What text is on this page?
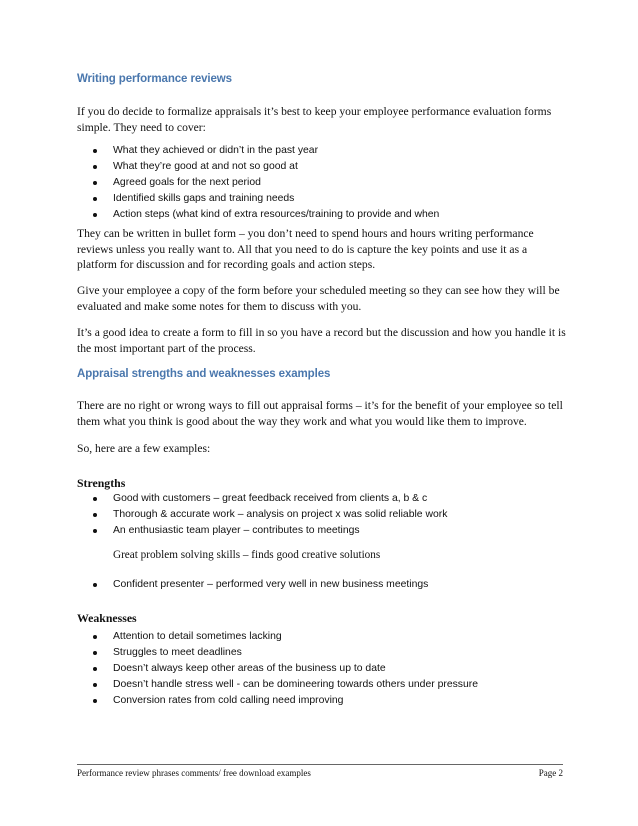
Writing performance reviews

If you do decide to formalize appraisals it’s best to keep your employee performance evaluation forms simple. They need to cover:

What they achieved or didn’t in the past year
What they’re good at and not so good at
Agreed goals for the next period
Identified skills gaps and training needs
Action steps (what kind of extra resources/training to provide and when

They can be written in bullet form – you don’t need to spend hours and hours writing performance reviews unless you really want to. All that you need to do is capture the key points and use it as a platform for discussion and for recording goals and action steps.

Give your employee a copy of the form before your scheduled meeting so they can see how they will be evaluated and make some notes for them to discuss with you.

It’s a good idea to create a form to fill in so you have a record but the discussion and how you handle it is the most important part of the process.

Appraisal strengths and weaknesses examples

There are no right or wrong ways to fill out appraisal forms – it’s for the benefit of your employee so tell them what you think is good about the way they work and what you would like them to improve.

So, here are a few examples:

Strengths

Good with customers – great feedback received from clients a, b & c
Thorough & accurate work – analysis on project x was solid reliable work
An enthusiastic team player – contributes to meetings

Great problem solving skills – finds good creative solutions

Confident presenter – performed very well in new business meetings

Weaknesses

Attention to detail sometimes lacking
Struggles to meet deadlines
Doesn’t always keep other areas of the business up to date
Doesn’t handle stress well - can be domineering towards others under pressure
Conversion rates from cold calling need improving
Performance review phrases comments/ free download examples	Page 2
